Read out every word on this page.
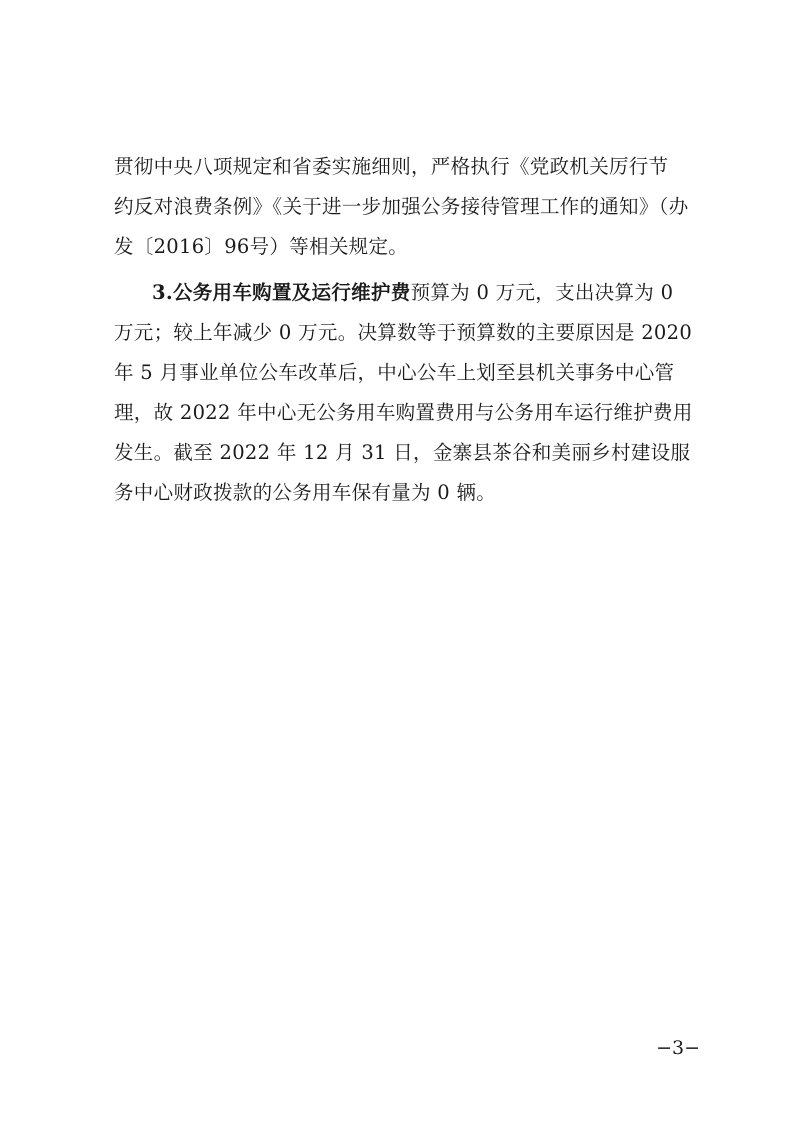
贯彻中央八项规定和省委实施细则，严格执行《党政机关厉行节
约反对浪费条例》《关于进一步加强公务接待管理工作的通知》（办
发〔2016〕96号）等相关规定。
3.公务用车购置及运行维护费预算为 0 万元，支出决算为 0
万元；较上年减少 0 万元。决算数等于预算数的主要原因是 2020
年 5 月事业单位公车改革后，中心公车上划至县机关事务中心管
理，故 2022 年中心无公务用车购置费用与公务用车运行维护费用
发生。截至 2022 年 12 月 31 日，金寨县茶谷和美丽乡村建设服
务中心财政拨款的公务用车保有量为 0 辆。
−3−
